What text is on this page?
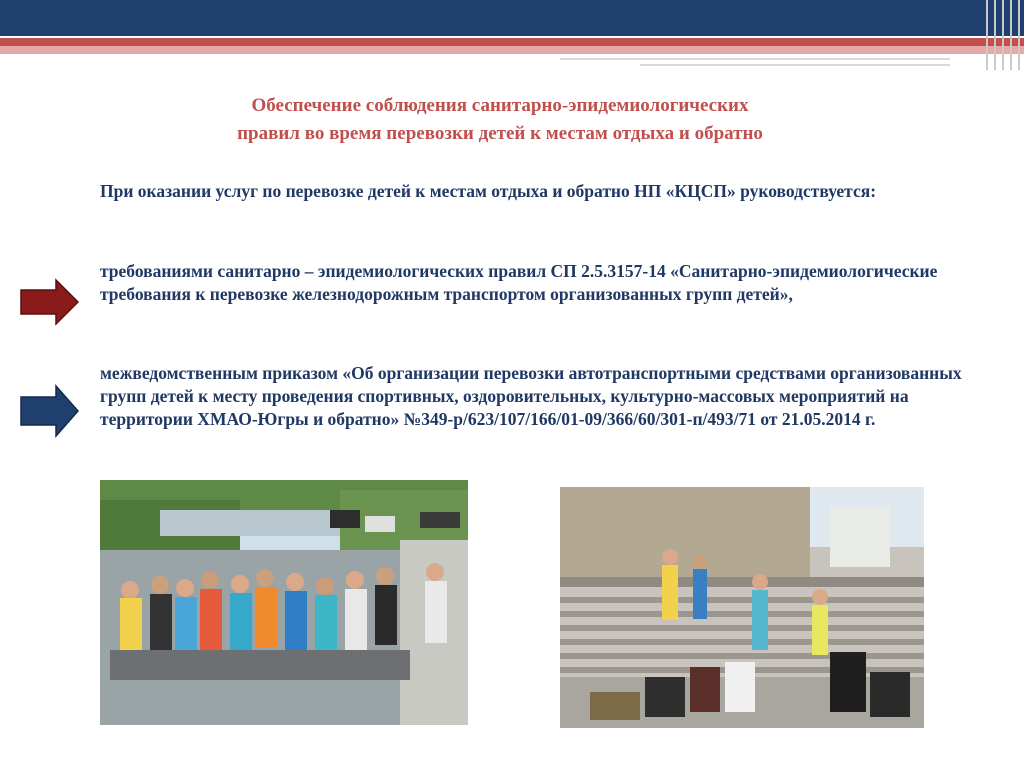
Обеспечение соблюдения санитарно-эпидемиологических
правил во время перевозки детей к местам отдыха и обратно
При оказании услуг по перевозке детей к местам отдыха и обратно НП «КЦСП» руководствуется:
требованиями санитарно – эпидемиологических правил СП 2.5.3157-14 «Санитарно-эпидемиологические требования к перевозке железнодорожным транспортом организованных групп детей»,
межведомственным приказом «Об организации перевозки автотранспортными средствами организованных групп детей к месту проведения спортивных, оздоровительных, культурно-массовых мероприятий на территории ХМАО-Югры и обратно» №349-р/623/107/166/01-09/366/60/301-п/493/71 от 21.05.2014 г.
